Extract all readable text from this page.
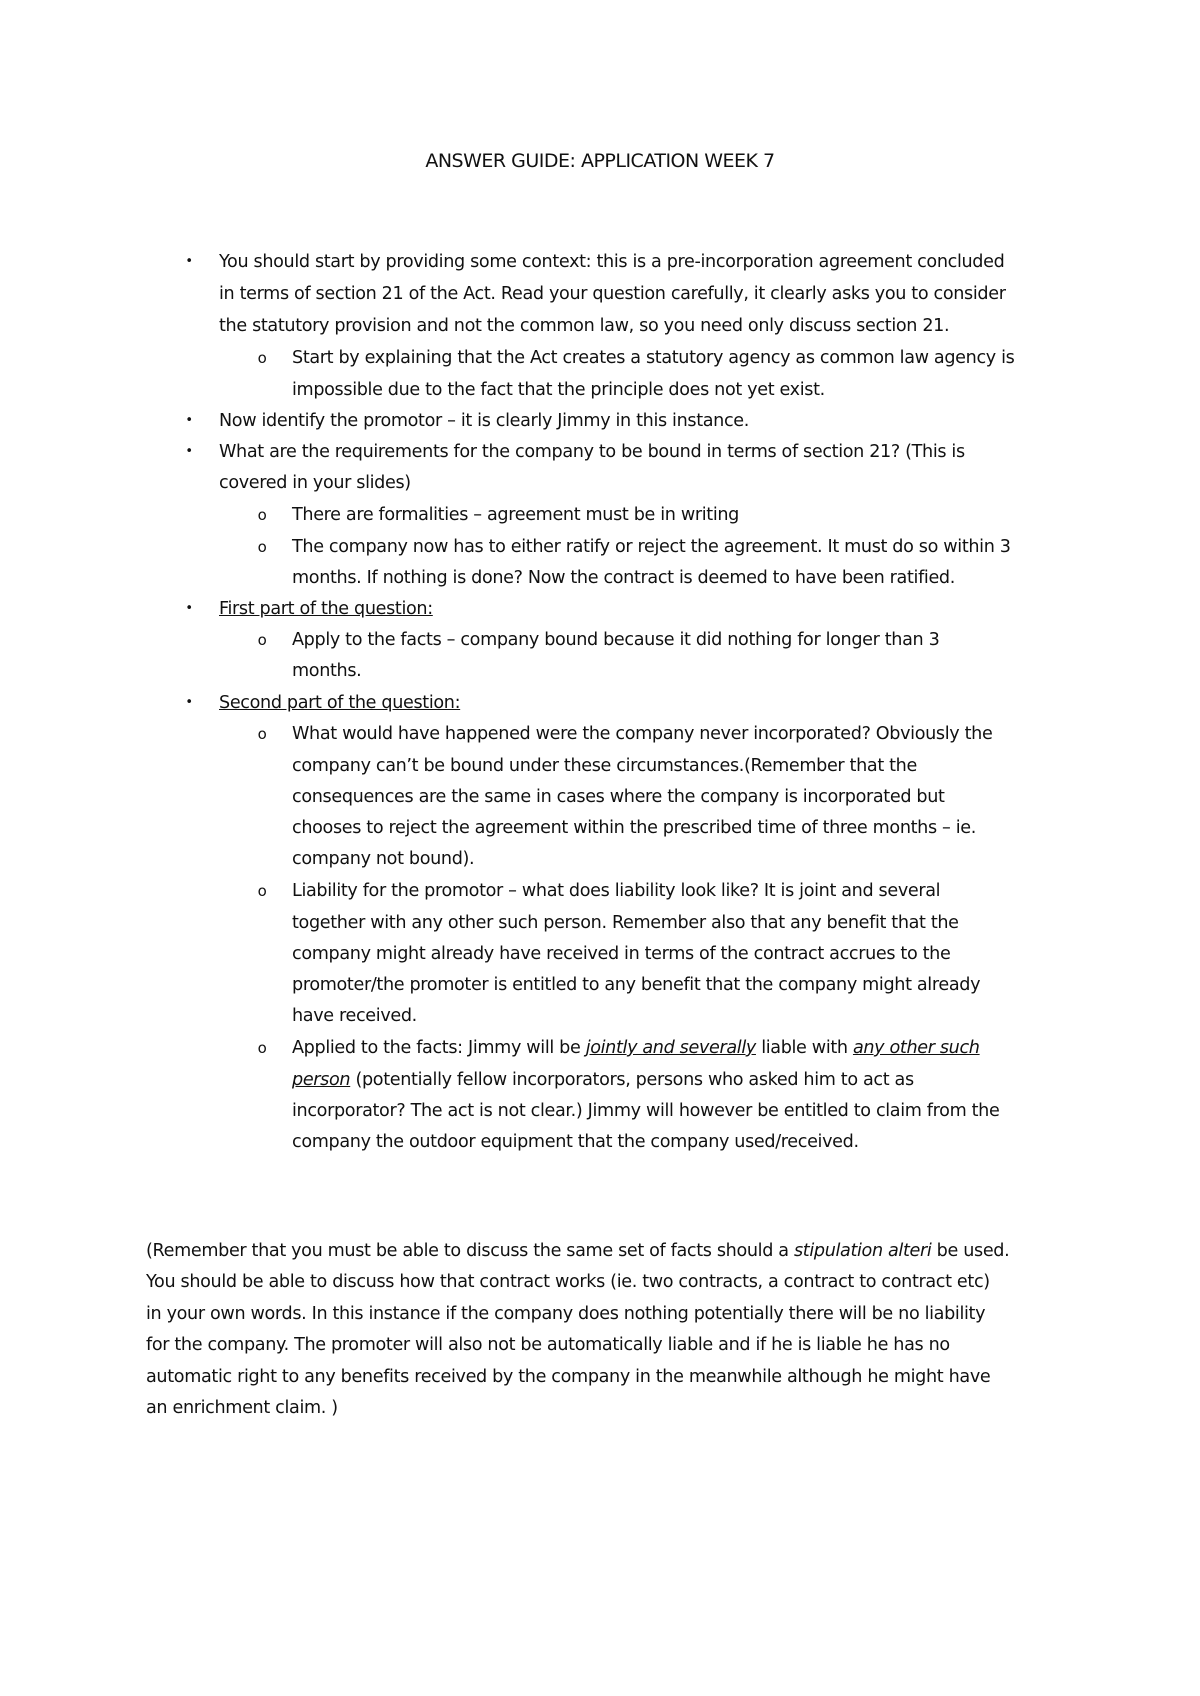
ANSWER GUIDE: APPLICATION WEEK 7
• You should start by providing some context: this is a pre-incorporation agreement concluded
in terms of section 21 of the Act. Read your question carefully, it clearly asks you to consider
the statutory provision and not the common law, so you need only discuss section 21.
o Start by explaining that the Act creates a statutory agency as common law agency is
impossible due to the fact that the principle does not yet exist.
• Now identify the promotor – it is clearly Jimmy in this instance.
• What are the requirements for the company to be bound in terms of section 21? (This is
covered in your slides)
o There are formalities – agreement must be in writing
o The company now has to either ratify or reject the agreement. It must do so within 3
months. If nothing is done? Now the contract is deemed to have been ratified.
• First part of the question:
o Apply to the facts – company bound because it did nothing for longer than 3
months.
• Second part of the question:
o What would have happened were the company never incorporated? Obviously the
company can’t be bound under these circumstances.(Remember that the
consequences are the same in cases where the company is incorporated but
chooses to reject the agreement within the prescribed time of three months – ie.
company not bound).
o Liability for the promotor – what does liability look like? It is joint and several
together with any other such person. Remember also that any benefit that the
company might already have received in terms of the contract accrues to the
promoter/the promoter is entitled to any benefit that the company might already
have received.
o Applied to the facts: Jimmy will be jointly and severally liable with any other such
person (potentially fellow incorporators, persons who asked him to act as
incorporator? The act is not clear.) Jimmy will however be entitled to claim from the
company the outdoor equipment that the company used/received.
(Remember that you must be able to discuss the same set of facts should a stipulation alteri be used.
You should be able to discuss how that contract works (ie. two contracts, a contract to contract etc)
in your own words. In this instance if the company does nothing potentially there will be no liability
for the company. The promoter will also not be automatically liable and if he is liable he has no
automatic right to any benefits received by the company in the meanwhile although he might have
an enrichment claim. )
